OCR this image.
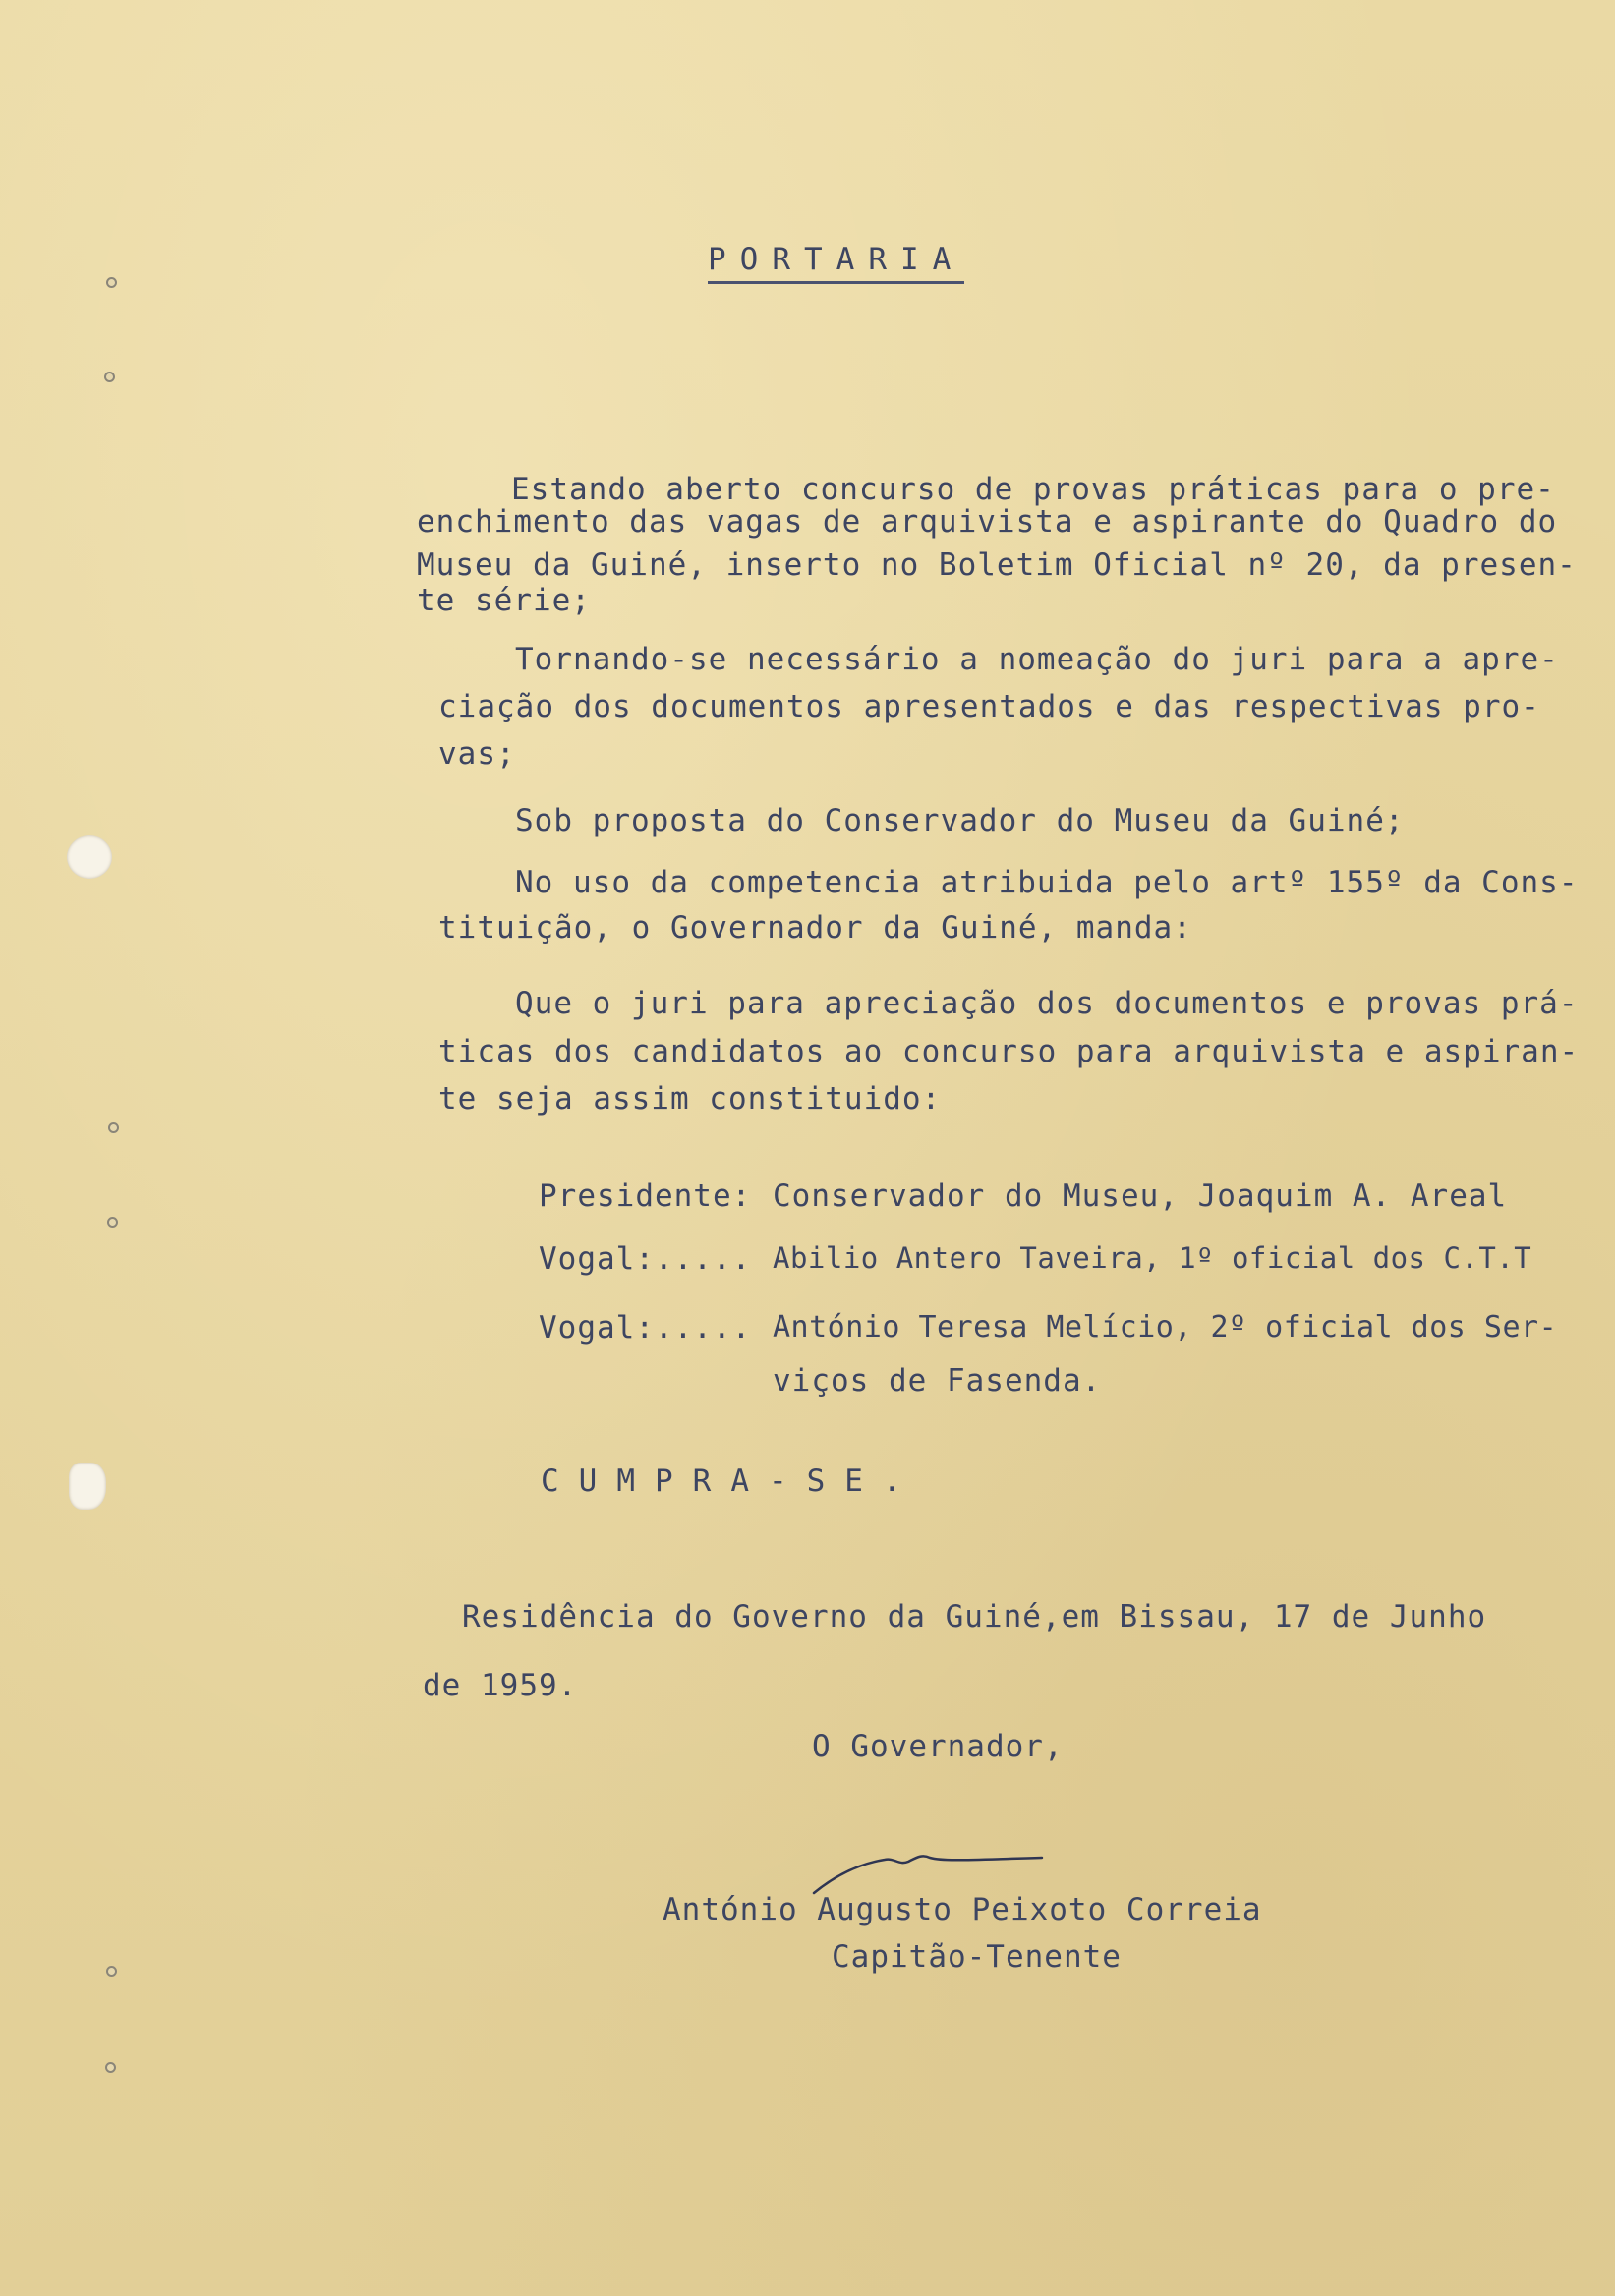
PORTARIA
Estando aberto concurso de provas práticas para o pre-
enchimento das vagas de arquivista e aspirante do Quadro do
Museu da Guiné, inserto no Boletim Oficial nº 20, da presen-
te série;
Tornando-se necessário a nomeação do juri para a apre-
ciação dos documentos apresentados e das respectivas pro-
vas;
Sob proposta do Conservador do Museu da Guiné;
No uso da competencia atribuida pelo artº 155º da Cons-
tituição, o Governador da Guiné, manda:
Que o juri para apreciação dos documentos e provas prá-
ticas dos candidatos ao concurso para arquivista e aspiran-
te seja assim constituido:
Presidente: Conservador do Museu, Joaquim A. Areal
Vogal:..... Abilio Antero Taveira, 1º oficial dos C.T.T
Vogal:..... António Teresa Melício, 2º oficial dos Ser-
viços de Fasenda.
CUMPRA-SE.
Residência do Governo da Guiné,em Bissau, 17 de Junho
de 1959.
O Governador,
António Augusto Peixoto Correia
Capitão-Tenente
